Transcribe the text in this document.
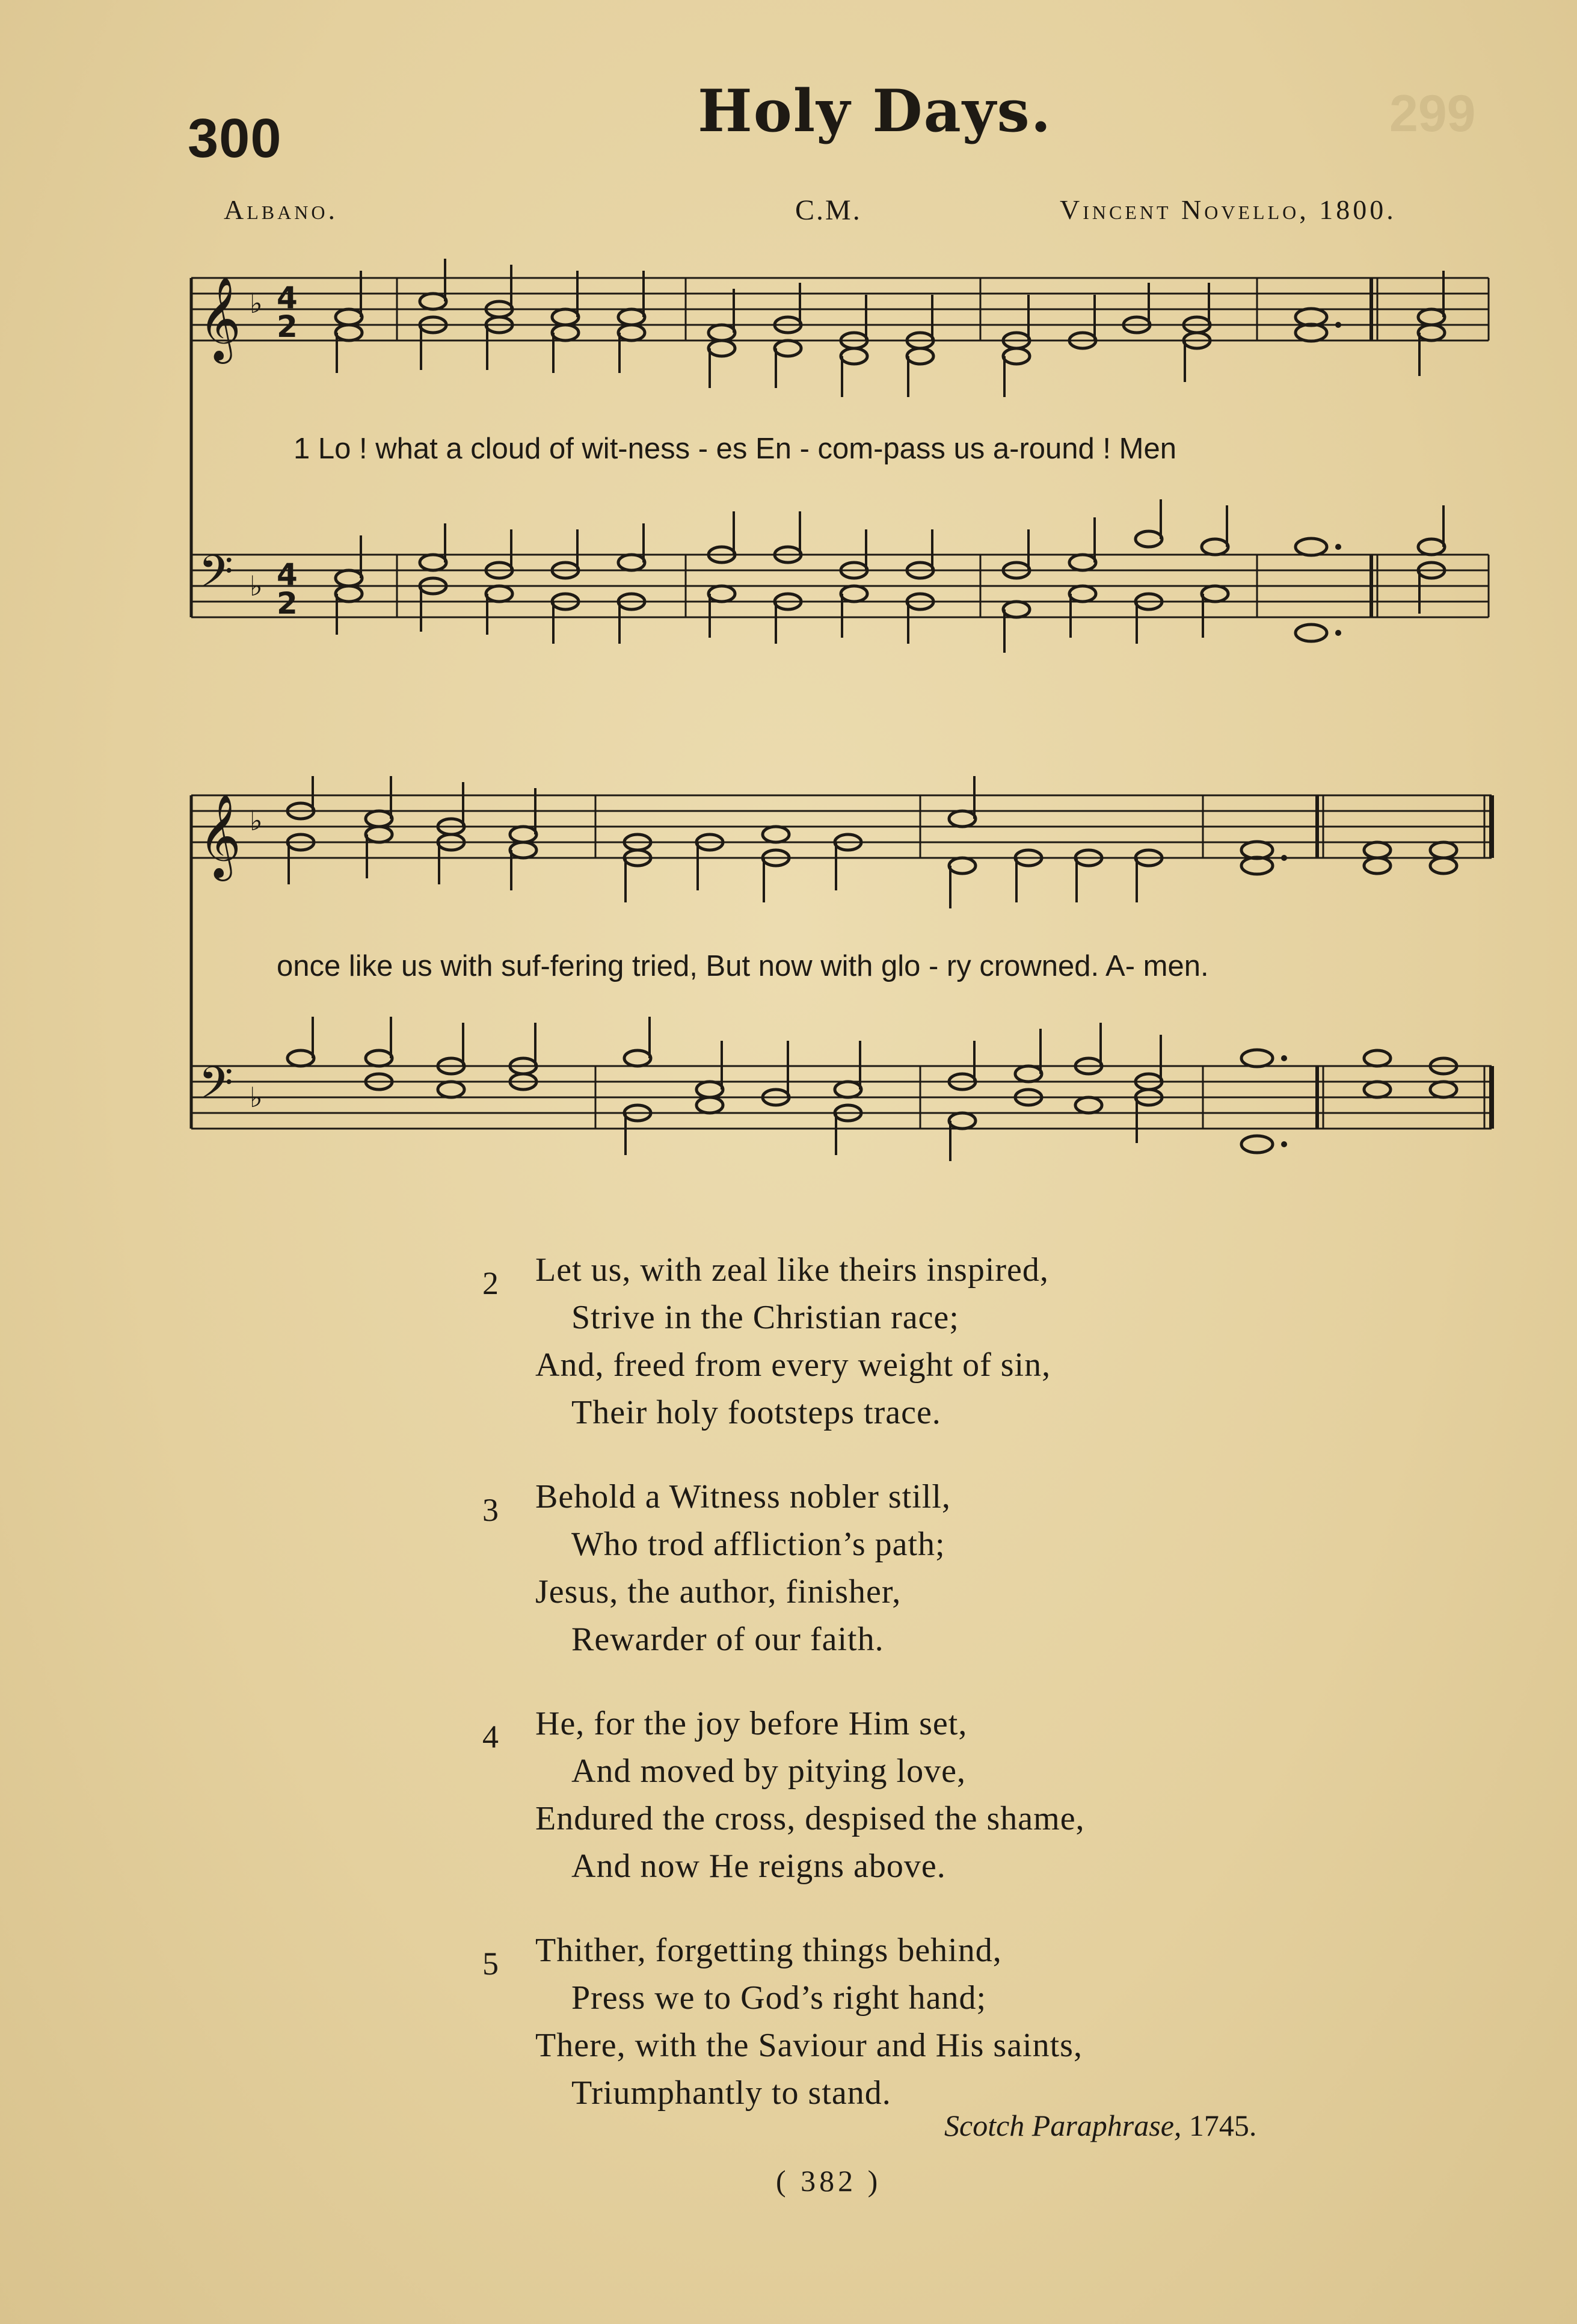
299
300	Holy Days.
Albano.	C.M.	Vincent Novello, 1800.
𝄞 ♭ 4
2
𝄢 ♭ 4
2
1 Lo ! what a cloud of wit-ness - es En - com-pass us a-round ! Men
𝄞 ♭
𝄢 ♭
once like us with suf-fering tried, But now with glo - ry crowned. A- men.
2	Let us, with zeal like theirs inspired,
Strive in the Christian race;
And, freed from every weight of sin,
Their holy footsteps trace.
3	Behold a Witness nobler still,
Who trod affliction’s path;
Jesus, the author, finisher,
Rewarder of our faith.
4	He, for the joy before Him set,
And moved by pitying love,
Endured the cross, despised the shame,
And now He reigns above.
5	Thither, forgetting things behind,
Press we to God’s right hand;
There, with the Saviour and His saints,
Triumphantly to stand.
Scotch Paraphrase, 1745.
( 382 )
